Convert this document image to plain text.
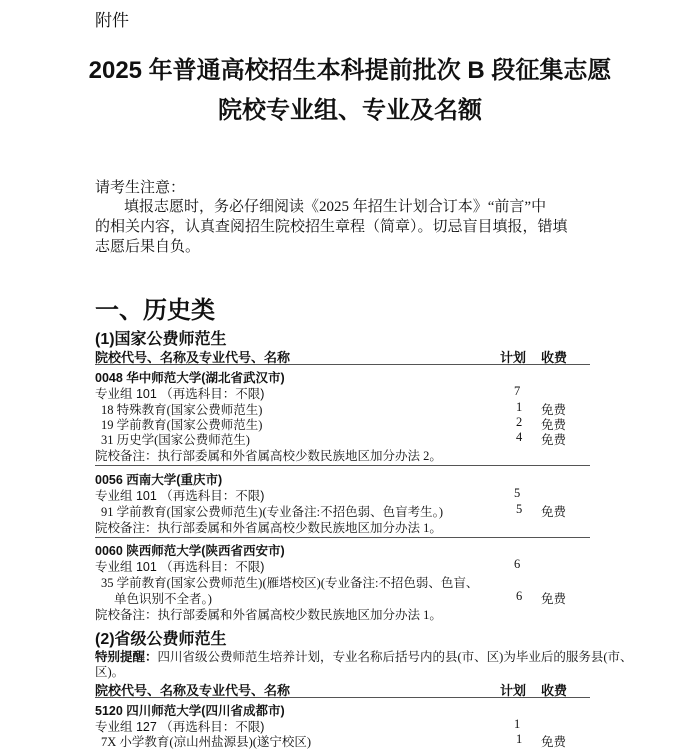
附件
2025 年普通高校招生本科提前批次 B 段征集志愿
院校专业组、专业及名额
请考生注意：
填报志愿时，务必仔细阅读《2025 年招生计划合订本》“前言”中
的相关内容，认真查阅招生院校招生章程（简章）。切忌盲目填报，错填
志愿后果自负。
一、历史类
(1)国家公费师范生
院校代号、名称及专业代号、名称	计划 收费
0048 华中师范大学(湖北省武汉市)
专业组 101 （再选科目：不限)	7
18 特殊教育(国家公费师范生)	1 免费
19 学前教育(国家公费师范生)	2 免费
31 历史学(国家公费师范生)	4 免费
院校备注：执行部委属和外省属高校少数民族地区加分办法 2。
0056 西南大学(重庆市)
专业组 101 （再选科目：不限)	5
91 学前教育(国家公费师范生)(专业备注:不招色弱、色盲考生。)	5 免费
院校备注：执行部委属和外省属高校少数民族地区加分办法 1。
0060 陕西师范大学(陕西省西安市)
专业组 101 （再选科目：不限)	6
35 学前教育(国家公费师范生)(雁塔校区)(专业备注:不招色弱、色盲、
单色识别不全者。)	6 免费
院校备注：执行部委属和外省属高校少数民族地区加分办法 1。
(2)省级公费师范生
特别提醒：四川省级公费师范生培养计划，专业名称后括号内的县(市、区)为毕业后的服务县(市、
区)。
院校代号、名称及专业代号、名称	计划 收费
5120 四川师范大学(四川省成都市)
专业组 127 （再选科目：不限)	1
7X 小学教育(凉山州盐源县)(遂宁校区)	1 免费
